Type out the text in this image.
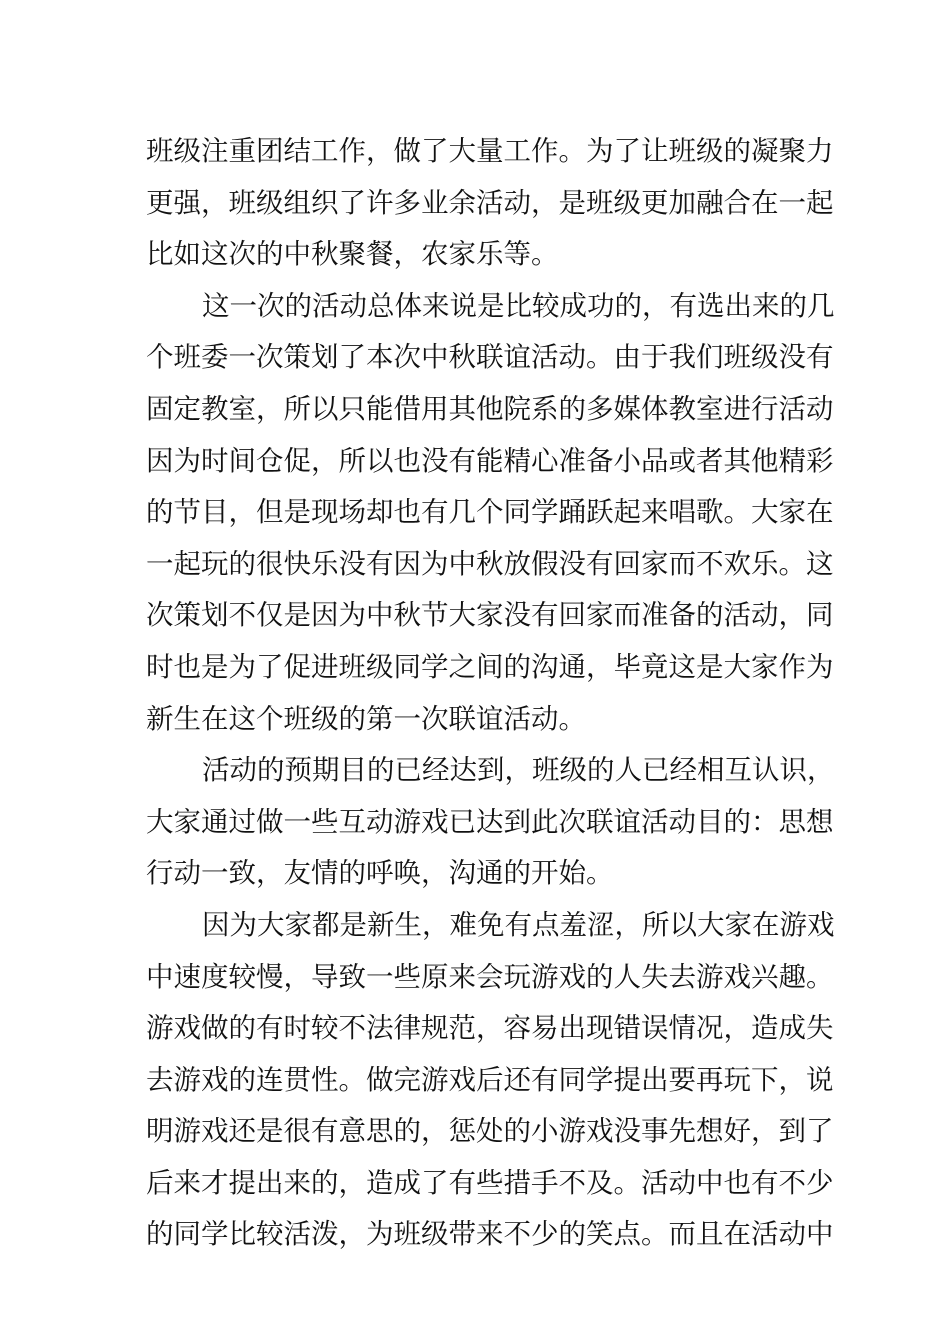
班级注重团结工作，做了大量工作。为了让班级的凝聚力
更强，班级组织了许多业余活动，是班级更加融合在一起
比如这次的中秋聚餐，农家乐等。
这一次的活动总体来说是比较成功的，有选出来的几
个班委一次策划了本次中秋联谊活动。由于我们班级没有
固定教室，所以只能借用其他院系的多媒体教室进行活动
因为时间仓促，所以也没有能精心准备小品或者其他精彩
的节目，但是现场却也有几个同学踊跃起来唱歌。大家在
一起玩的很快乐没有因为中秋放假没有回家而不欢乐。这
次策划不仅是因为中秋节大家没有回家而准备的活动，同
时也是为了促进班级同学之间的沟通，毕竟这是大家作为
新生在这个班级的第一次联谊活动。
活动的预期目的已经达到，班级的人已经相互认识，
大家通过做一些互动游戏已达到此次联谊活动目的：思想
行动一致，友情的呼唤，沟通的开始。
因为大家都是新生，难免有点羞涩，所以大家在游戏
中速度较慢，导致一些原来会玩游戏的人失去游戏兴趣。
游戏做的有时较不法律规范，容易出现错误情况，造成失
去游戏的连贯性。做完游戏后还有同学提出要再玩下，说
明游戏还是很有意思的，惩处的小游戏没事先想好，到了
后来才提出来的，造成了有些措手不及。活动中也有不少
的同学比较活泼，为班级带来不少的笑点。而且在活动中
